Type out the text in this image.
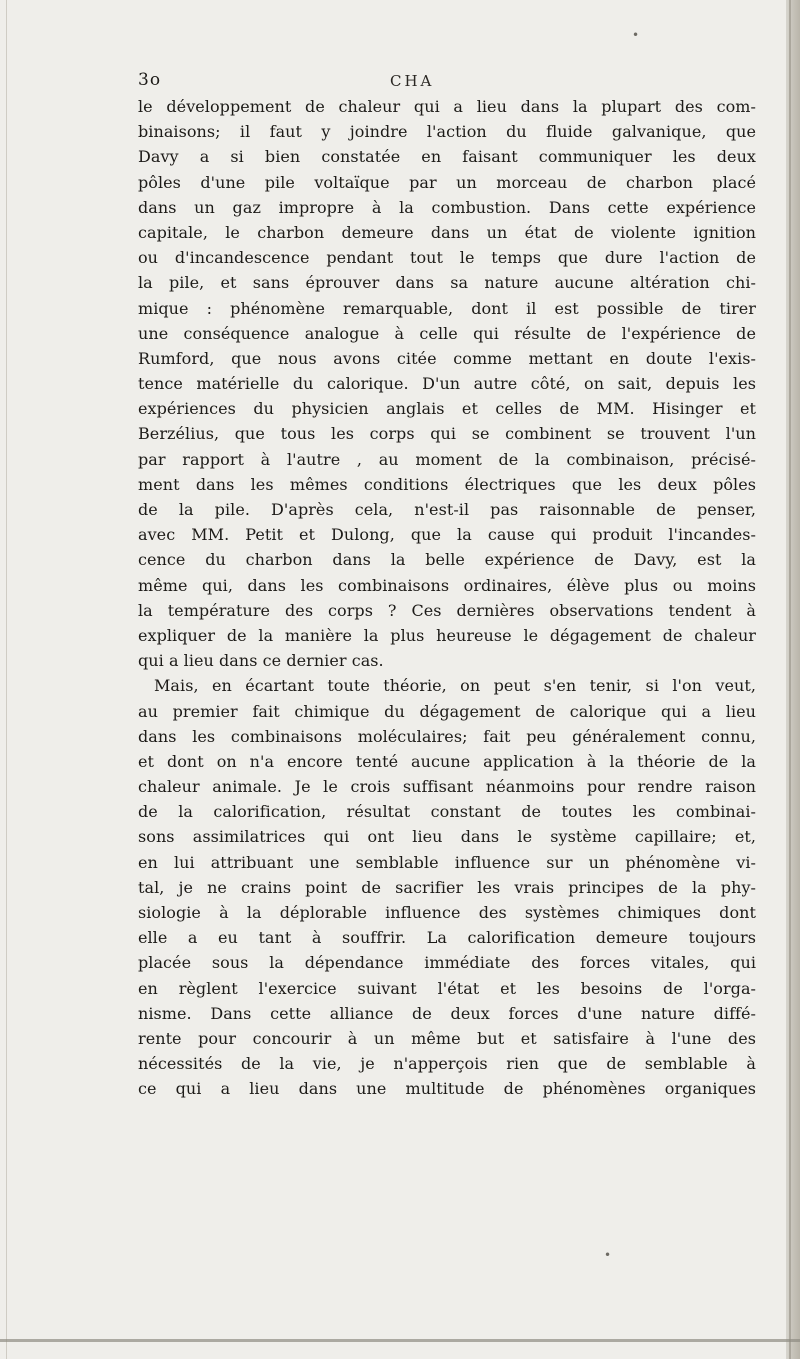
•
•
3o	CHA
le développement de chaleur qui a lieu dans la plupart des com-
binaisons; il faut y joindre l'action du fluide galvanique, que
Davy a si bien constatée en faisant communiquer les deux
pôles d'une pile voltaïque par un morceau de charbon placé
dans un gaz impropre à la combustion. Dans cette expérience
capitale, le charbon demeure dans un état de violente ignition
ou d'incandescence pendant tout le temps que dure l'action de
la pile, et sans éprouver dans sa nature aucune altération chi-
mique : phénomène remarquable, dont il est possible de tirer
une conséquence analogue à celle qui résulte de l'expérience de
Rumford, que nous avons citée comme mettant en doute l'exis-
tence matérielle du calorique. D'un autre côté, on sait, depuis les
expériences du physicien anglais et celles de MM. Hisinger et
Berzélius, que tous les corps qui se combinent se trouvent l'un
par rapport à l'autre , au moment de la combinaison, précisé-
ment dans les mêmes conditions électriques que les deux pôles
de la pile. D'après cela, n'est-il pas raisonnable de penser,
avec MM. Petit et Dulong, que la cause qui produit l'incandes-
cence du charbon dans la belle expérience de Davy, est la
même qui, dans les combinaisons ordinaires, élève plus ou moins
la température des corps ? Ces dernières observations tendent à
expliquer de la manière la plus heureuse le dégagement de chaleur
qui a lieu dans ce dernier cas.
Mais, en écartant toute théorie, on peut s'en tenir, si l'on veut,
au premier fait chimique du dégagement de calorique qui a lieu
dans les combinaisons moléculaires; fait peu généralement connu,
et dont on n'a encore tenté aucune application à la théorie de la
chaleur animale. Je le crois suffisant néanmoins pour rendre raison
de la calorification, résultat constant de toutes les combinai-
sons assimilatrices qui ont lieu dans le système capillaire; et,
en lui attribuant une semblable influence sur un phénomène vi-
tal, je ne crains point de sacrifier les vrais principes de la phy-
siologie à la déplorable influence des systèmes chimiques dont
elle a eu tant à souffrir. La calorification demeure toujours
placée sous la dépendance immédiate des forces vitales, qui
en règlent l'exercice suivant l'état et les besoins de l'orga-
nisme. Dans cette alliance de deux forces d'une nature diffé-
rente pour concourir à un même but et satisfaire à l'une des
nécessités de la vie, je n'apperçois rien que de semblable à
ce qui a lieu dans une multitude de phénomènes organiques
